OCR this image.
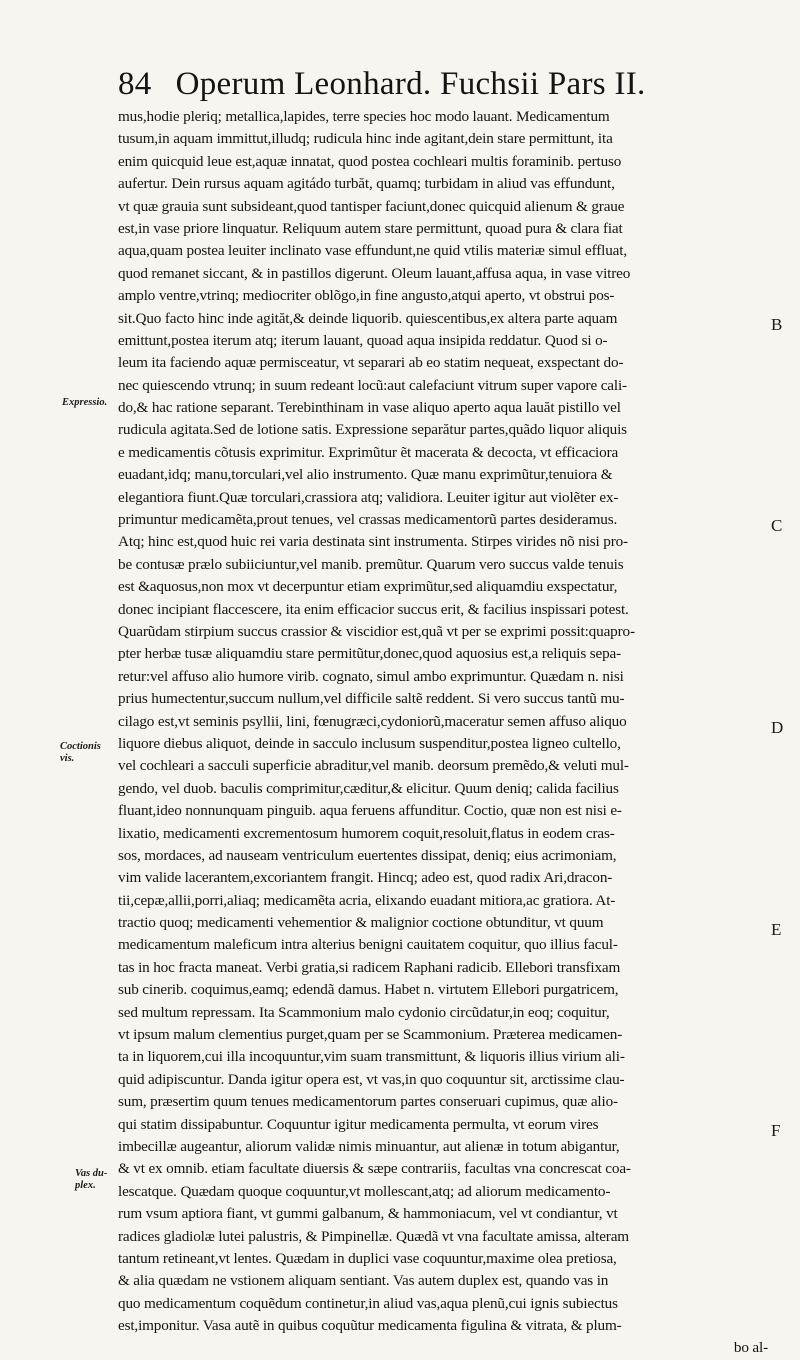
84 Operum Leonhard. Fuchsii Pars II.
mus,hodie pleriq; metallica,lapides, terre species hoc modo lauant. Medicamentum
tusum,in aquam immittut,illudq; rudicula hinc inde agitant,dein stare permittunt, ita
enim quicquid leue est,aquæ innatat, quod postea cochleari multis foraminib. pertuso
aufertur. Dein rursus aquam agitádo turbăt, quamq; turbidam in aliud vas effundunt,
vt quæ grauia sunt subsideant,quod tantisper faciunt,donec quicquid alienum & graue
est,in vase priore linquatur. Reliquum autem stare permittunt, quoad pura & clara fiat
aqua,quam postea leuiter inclinato vase effundunt,ne quid vtilis materiæ simul effluat,
quod remanet siccant, & in pastillos digerunt. Oleum lauant,affusa aqua, in vase vitreo
amplo ventre,vtrinq; mediocriter oblõgo,in fine angusto,atqui aperto, vt obstrui pos-
sit.Quo facto hinc inde agităt,& deinde liquorib. quiescentibus,ex altera parte aquam
emittunt,postea iterum atq; iterum lauant, quoad aqua insipida reddatur. Quod si o-
leum ita faciendo aquæ permisceatur, vt separari ab eo statim nequeat, exspectant do-
nec quiescendo vtrunq; in suum redeant locũ:aut calefaciunt vitrum super vapore cali-
do,& hac ratione separant. Terebinthinam in vase aliquo aperto aqua lauăt pistillo vel
rudicula agitata.Sed de lotione satis. Expressione separătur partes,quãdo liquor aliquis
e medicamentis cõtusis exprimitur. Exprimũtur ẽt macerata & decocta, vt efficaciora
euadant,idq; manu,torculari,vel alio instrumento. Quæ manu exprimũtur,tenuiora &
elegantiora fiunt.Quæ torculari,crassiora atq; validiora. Leuiter igitur aut violẽter ex-
primuntur medicamẽta,prout tenues, vel crassas medicamentorũ partes desideramus.
Atq; hinc est,quod huic rei varia destinata sint instrumenta. Stirpes virides nõ nisi pro-
be contusæ prælo subiiciuntur,vel manib. premũtur. Quarum vero succus valde tenuis
est &aquosus,non mox vt decerpuntur etiam exprimũtur,sed aliquamdiu exspectatur,
donec incipiant flaccescere, ita enim efficacior succus erit, & facilius inspissari potest.
Quarũdam stirpium succus crassior & viscidior est,quã vt per se exprimi possit:quapro-
pter herbæ tusæ aliquamdiu stare permitũtur,donec,quod aquosius est,a reliquis sepa-
retur:vel affuso alio humore virib. cognato, simul ambo exprimuntur. Quædam n. nisi
prius humectentur,succum nullum,vel difficile saltẽ reddent. Si vero succus tantũ mu-
cilago est,vt seminis psyllii, lini, fœnugræci,cydoniorũ,maceratur semen affuso aliquo
liquore diebus aliquot, deinde in sacculo inclusum suspenditur,postea ligneo cultello,
vel cochleari a sacculi superficie abraditur,vel manib. deorsum premẽdo,& veluti mul-
gendo, vel duob. baculis comprimitur,cæditur,& elicitur. Quum deniq; calida facilius
fluant,ideo nonnunquam pinguib. aqua feruens affunditur. Coctio, quæ non est nisi e-
lixatio, medicamenti excrementosum humorem coquit,resoluit,flatus in eodem cras-
sos, mordaces, ad nauseam ventriculum euertentes dissipat, deniq; eius acrimoniam,
vim valide lacerantem,excoriantem frangit. Hincq; adeo est, quod radix Ari,dracon-
tii,cepæ,allii,porri,aliaq; medicamẽta acria, elixando euadant mitiora,ac gratiora. At-
tractio quoq; medicamenti vehementior & malignior coctione obtunditur, vt quum
medicamentum maleficum intra alterius benigni cauitatem coquitur, quo illius facul-
tas in hoc fracta maneat. Verbi gratia,si radicem Raphani radicib. Ellebori transfixam
sub cinerib. coquimus,eamq; edendã damus. Habet n. virtutem Ellebori purgatricem,
sed multum repressam. Ita Scammonium malo cydonio circũdatur,in eoq; coquitur,
vt ipsum malum clementius purget,quam per se Scammonium. Præterea medicamen-
ta in liquorem,cui illa incoquuntur,vim suam transmittunt, & liquoris illius virium ali-
quid adipiscuntur. Danda igitur opera est, vt vas,in quo coquuntur sit, arctissime clau-
sum, præsertim quum tenues medicamentorum partes conseruari cupimus, quæ alio-
qui statim dissipabuntur. Coquuntur igitur medicamenta permulta, vt eorum vires
imbecillæ augeantur, aliorum validæ nimis minuantur, aut alienæ in totum abigantur,
& vt ex omnib. etiam facultate diuersis & sæpe contrariis, facultas vna concrescat coa-
lescatque. Quædam quoque coquuntur,vt mollescant,atq; ad aliorum medicamento-
rum vsum aptiora fiant, vt gummi galbanum, & hammoniacum, vel vt condiantur, vt
radices gladiolæ lutei palustris, & Pimpinellæ. Quædã vt vna facultate amissa, alteram
tantum retineant,vt lentes. Quædam in duplici vase coquuntur,maxime olea pretiosa,
& alia quædam ne vstionem aliquam sentiant. Vas autem duplex est, quando vas in
quo medicamentum coquẽdum continetur,in aliud vas,aqua plenũ,cui ignis subiectus
est,imponitur. Vasa autẽ in quibus coquũtur medicamenta figulina & vitrata, & plum-
bo al-
Expressio.
Coctionis vis.
Vas du- plex.
B
C
D
E
F
